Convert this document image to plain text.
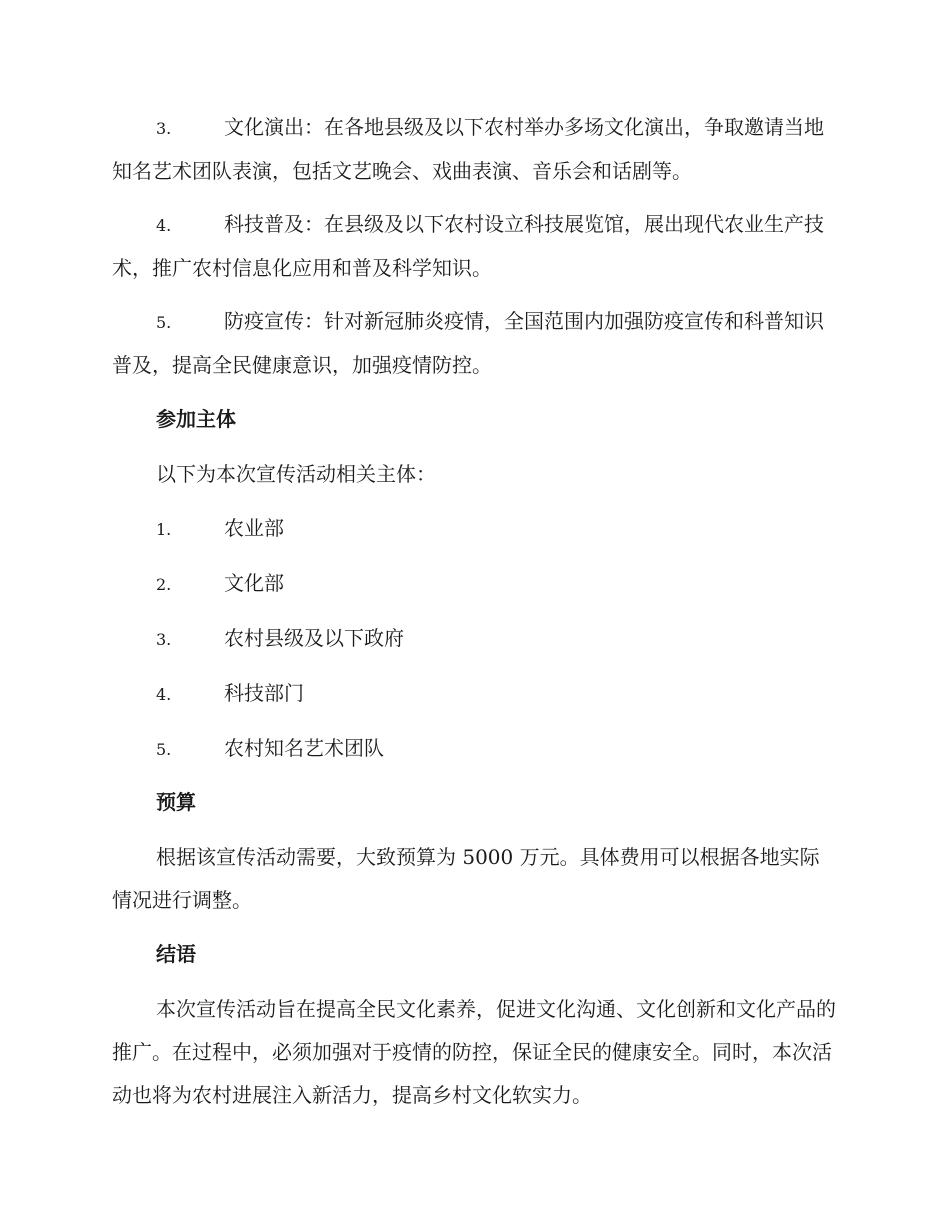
3.	文化演出：在各地县级及以下农村举办多场文化演出，争取邀请当地知名艺术团队表演，包括文艺晚会、戏曲表演、音乐会和话剧等。

4.	科技普及：在县级及以下农村设立科技展览馆，展出现代农业生产技术，推广农村信息化应用和普及科学知识。

5.	防疫宣传：针对新冠肺炎疫情，全国范围内加强防疫宣传和科普知识普及，提高全民健康意识，加强疫情防控。

参加主体

以下为本次宣传活动相关主体：

1.	农业部

2.	文化部

3.	农村县级及以下政府

4.	科技部门

5.	农村知名艺术团队

预算

根据该宣传活动需要，大致预算为 5000 万元。具体费用可以根据各地实际情况进行调整。

结语

本次宣传活动旨在提高全民文化素养，促进文化沟通、文化创新和文化产品的推广。在过程中，必须加强对于疫情的防控，保证全民的健康安全。同时，本次活动也将为农村进展注入新活力，提高乡村文化软实力。
